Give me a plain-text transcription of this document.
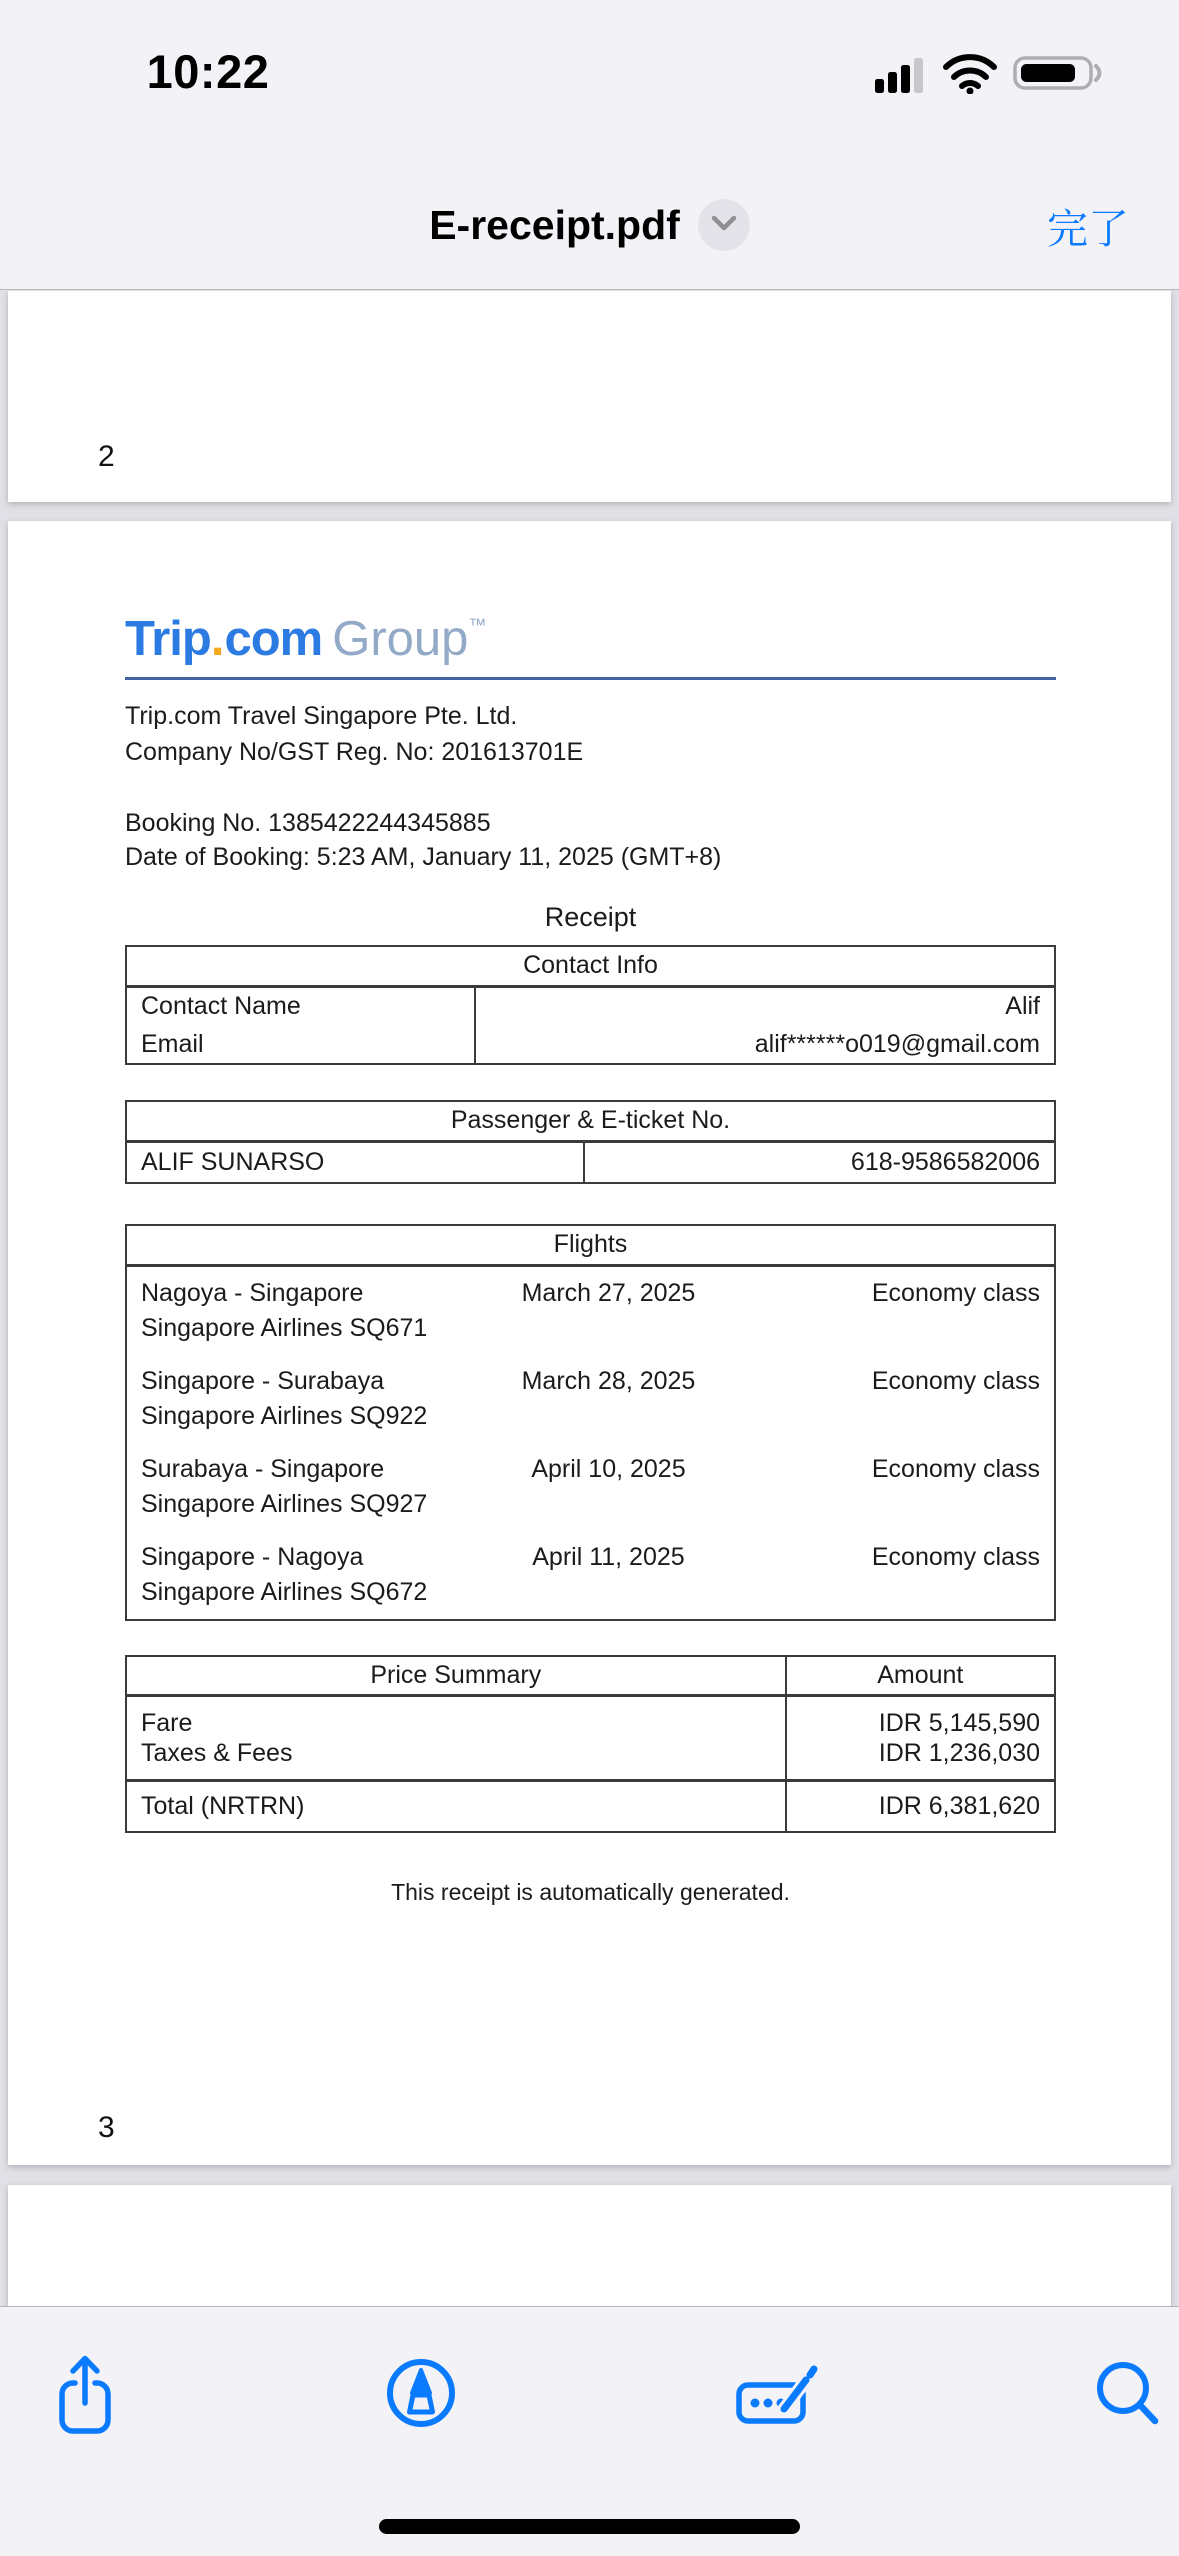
10:22
E-receipt.pdf	完了
2
Trip.com Group™
Trip.com Travel Singapore Pte. Ltd.
Company No/GST Reg. No: 201613701E
Booking No. 1385422244345885
Date of Booking: 5:23 AM, January 11, 2025 (GMT+8)
Receipt
Contact Info	
Contact Name	Alif
Email	alif******o019@gmail.com
Passenger & E-ticket No.
ALIF SUNARSO	618-9586582006
Flights

Nagoya - Singapore	March 27, 2025	Economy class
Singapore Airlines SQ671

Singapore - Surabaya	March 28, 2025	Economy class
Singapore Airlines SQ922

Surabaya - Singapore	April 10, 2025	Economy class
Singapore Airlines SQ927

Singapore - Nagoya	April 11, 2025	Economy class
Singapore Airlines SQ672
Price Summary	Amount
Fare	IDR 5,145,590
Taxes & Fees	IDR 1,236,030
Total (NRTRN)	IDR 6,381,620
This receipt is automatically generated.
3
